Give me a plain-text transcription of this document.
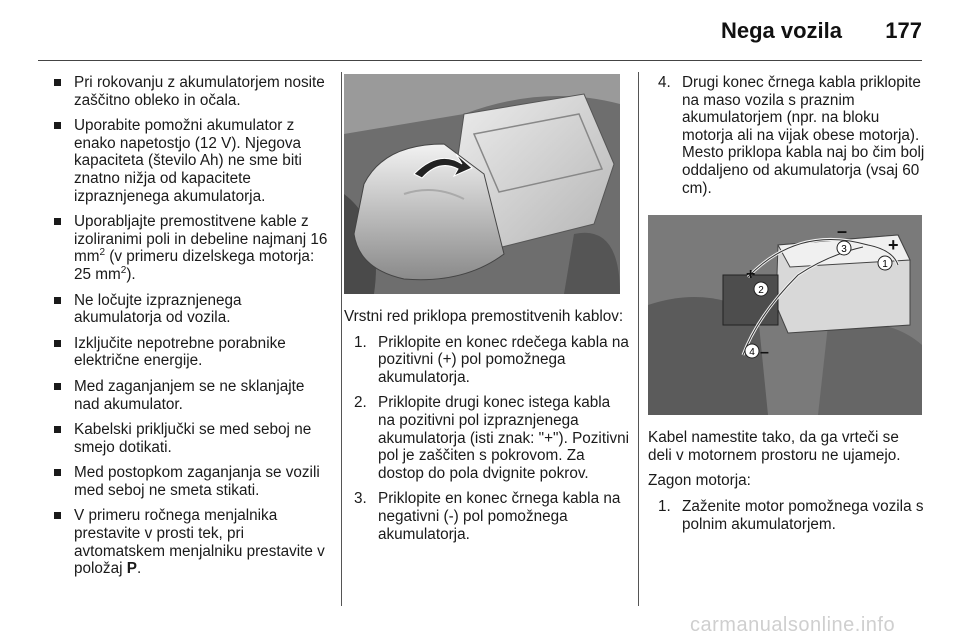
Nega vozila 177
Pri rokovanju z akumulatorjem nosite zaščitno obleko in očala.
Uporabite pomožni akumulator z enako napetostjo (12 V). Njegova kapaciteta (število Ah) ne sme biti znatno nižja od kapacitete izpraznjenega akumulatorja.
Uporabljajte premostitvene kable z izoliranimi poli in debeline najmanj 16 $mm^2$ (v primeru dizelskega motorja: 25 $mm^2$).
Ne ločujte izpraznjenega akumulatorja od vozila.
Izključite nepotrebne porabnike električne energije.
Med zaganjanjem se ne sklanjajte nad akumulator.
Kabelski priključki se med seboj ne smejo dotikati.
Med postopkom zaganjanja se vozili med seboj ne smeta stikati.
V primeru ročnega menjalnika prestavite v prosti tek, pri avtomatskem menjalniku prestavite v položaj P.
Vrstni red priklopa premostitvenih kablov:
1. Priklopite en konec rdečega kabla na pozitivni (+) pol pomožnega akumulatorja.
2. Priklopite drugi konec istega kabla na pozitivni pol izpraznjenega akumulatorja (isti znak: "+"). Pozitivni pol je zaščiten s pokrovom. Za dostop do pola dvignite pokrov.
3. Priklopite en konec črnega kabla na negativni (-) pol pomožnega akumulatorja.
4. Drugi konec črnega kabla priklopite na maso vozila s praznim akumulatorjem (npr. na bloku motorja ali na vijak obese motorja). Mesto priklopa kabla naj bo čim bolj oddaljeno od akumulatorja (vsaj 60 cm).
1
2
3
4
+
–
+
–
Kabel namestite tako, da ga vrteči se deli v motornem prostoru ne ujamejo.
Zagon motorja:
1. Zaženite motor pomožnega vozila s polnim akumulatorjem.
carmanualsonline.info
